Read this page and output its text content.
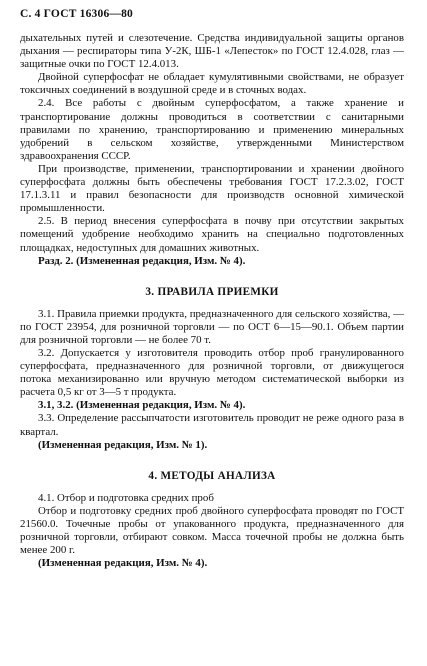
С. 4 ГОСТ 16306—80

дыхательных путей и слезотечение. Средства индивидуальной защиты органов дыхания — респираторы типа У-2К, ШБ-1 «Лепесток» по ГОСТ 12.4.028, глаз — защитные очки по ГОСТ 12.4.013.

Двойной суперфосфат не обладает кумулятивными свойствами, не образует токсичных соединений в воздушной среде и в сточных водах.

2.4. Все работы с двойным суперфосфатом, а также хранение и транспортирование должны проводиться в соответствии с санитарными правилами по хранению, транспортированию и применению минеральных удобрений в сельском хозяйстве, утвержденными Министерством здравоохранения СССР.

При производстве, применении, транспортировании и хранении двойного суперфосфата должны быть обеспечены требования ГОСТ 17.2.3.02, ГОСТ 17.1.3.11 и правил безопасности для производств основной химической промышленности.

2.5. В период внесения суперфосфата в почву при отсутствии закрытых помещений удобрение необходимо хранить на специально подготовленных площадках, недоступных для домашних животных.

Разд. 2. (Измененная редакция, Изм. № 4).

3. ПРАВИЛА ПРИЕМКИ

3.1. Правила приемки продукта, предназначенного для сельского хозяйства, — по ГОСТ 23954, для розничной торговли — по ОСТ 6—15—90.1. Объем партии для розничной торговли — не более 70 т.

3.2. Допускается у изготовителя проводить отбор проб гранулированного суперфосфата, предназначенного для розничной торговли, от движущегося потока механизированно или вручную методом систематической выборки из расчета 0,5 кг от 3—5 т продукта.

3.1, 3.2. (Измененная редакция, Изм. № 4).

3.3. Определение рассыпчатости изготовитель проводит не реже одного раза в квартал.

(Измененная редакция, Изм. № 1).

4. МЕТОДЫ АНАЛИЗА

4.1. Отбор и подготовка средних проб

Отбор и подготовку средних проб двойного суперфосфата проводят по ГОСТ 21560.0. Точечные пробы от упакованного продукта, предназначенного для розничной торговли, отбирают совком. Масса точечной пробы не должна быть менее 200 г.

(Измененная редакция, Изм. № 4).
